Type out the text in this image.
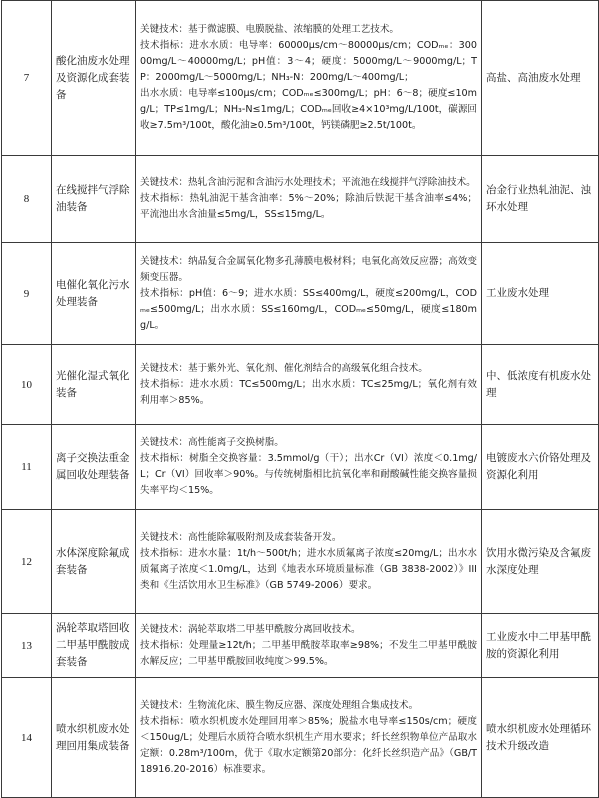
7	酸化油废水处理及资源化成套装备	关键技术：基于微滤膜、电膜脱盐、浓缩膜的处理工艺技术。
技术指标：进水水质：电导率：60000μs/cm～80000μs/cm；CODₘₑ：30000mg/L～40000mg/L；pH值：3～4；硬度：5000mg/L～9000mg/L；TP：2000mg/L～5000mg/L；NH₃-N：200mg/L～400mg/L；
出水水质：电导率≤100μs/cm；CODₘₑ≤300mg/L；pH：6～8；硬度≤10mg/L；TP≤1mg/L；NH₃-N≤1mg/L；CODₘₑ回收≥4×10³mg/L/100t，碳源回收≥7.5m³/100t，酸化油≥0.5m³/100t，钙镁磷肥≥2.5t/100t。	高盐、高油废水处理
8	在线搅拌气浮除油装备	关键技术：热轧含油污泥和含油污水处理技术；平流池在线搅拌气浮除油技术。
技术指标：热轧油泥干基含油率：5%～20%；除油后铁泥干基含油率≤4%；平流池出水含油量≤5mg/L，SS≤15mg/L。	冶金行业热轧油泥、浊环水处理
9	电催化氧化污水处理装备	关键技术：纳晶复合金属氧化物多孔薄膜电极材料；电氧化高效反应器；高效变频变压器。
技术指标：pH值：6～9；进水水质：SS≤400mg/L，硬度≤200mg/L，CODₘₑ≤500mg/L；出水水质：SS≤160mg/L，CODₘₑ≤50mg/L，硬度≤180mg/L。	工业废水处理
10	光催化湿式氧化装备	关键技术：基于紫外光、氧化剂、催化剂结合的高级氧化组合技术。
技术指标：进水水质：TC≤500mg/L；出水水质：TC≤25mg/L；氧化剂有效利用率＞85%。	中、低浓度有机废水处理
11	离子交换法重金属回收处理装备	关键技术：高性能离子交换树脂。
技术指标：树脂全交换容量：3.5mmol/g（干）；出水Cr（VI）浓度＜0.1mg/L；Cr（VI）回收率＞90%。与传统树脂相比抗氧化率和耐酸碱性能交换容量损失率平均＜15%。	电镀废水六价铬处理及资源化利用
12	水体深度除氟成套装备	关键技术：高性能除氟吸附剂及成套装备开发。
技术指标：进水水量：1t/h～500t/h；进水水质氟离子浓度≤20mg/L；出水水质氟离子浓度＜1.0mg/L，达到《地表水环境质量标准（GB 3838-2002）》III类和《生活饮用水卫生标准》（GB 5749-2006）要求。	饮用水微污染及含氟废水深度处理
13	涡轮萃取塔回收二甲基甲酰胺成套装备	关键技术：涡轮萃取塔二甲基甲酰胺分离回收技术。
技术指标：处理量≥12t/h；二甲基甲酰胺萃取率≥98%；不发生二甲基甲酰胺水解反应；二甲基甲酰胺回收纯度＞99.5%。	工业废水中二甲基甲酰胺的资源化利用
14	喷水织机废水处理回用集成装备	关键技术：生物流化床、膜生物反应器、深度处理组合集成技术。
技术指标：喷水织机废水处理回用率＞85%；脱盐水电导率≤150s/cm；硬度＜150ug/L；处理后水质符合喷水织机生产用水要求；纤长丝织物单位产品取水定额：0.28m³/100m，优于《取水定额第20部分：化纤长丝织造产品》（GB/T 18916.20-2016）标准要求。	喷水织机废水处理循环技术升级改造
